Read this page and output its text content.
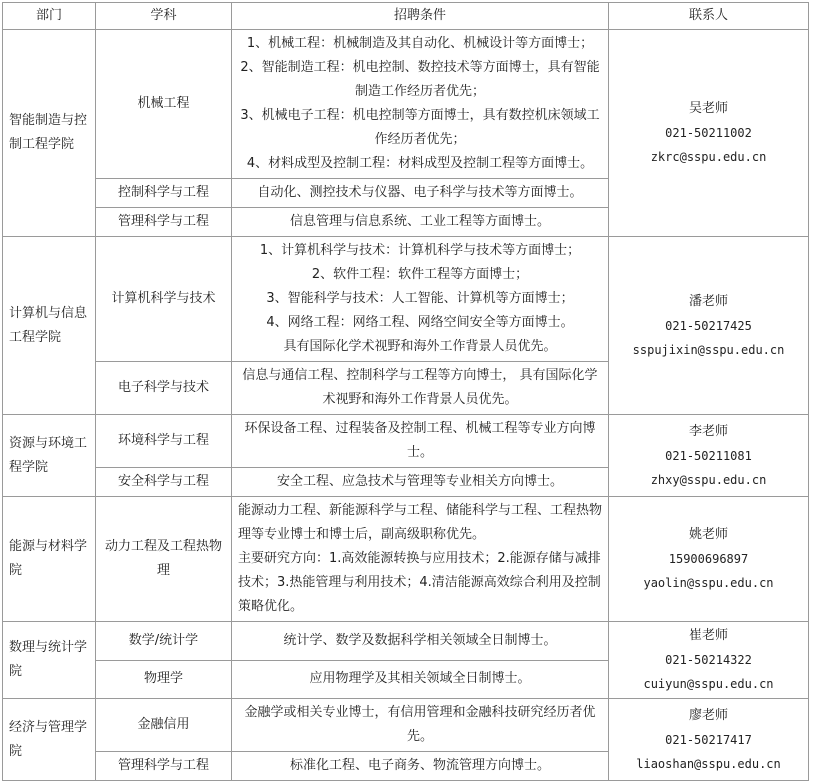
部门	学科	招聘条件	联系人
智能制造与控制工程学院	机械工程	1、机械工程：机械制造及其自动化、机械设计等方面博士；
2、智能制造工程：机电控制、数控技术等方面博士，具有智能制造工作经历者优先；
3、机械电子工程：机电控制等方面博士，具有数控机床领域工作经历者优先；
4、材料成型及控制工程：材料成型及控制工程等方面博士。	吴老师
021-50211002
zkrc@sspu.edu.cn

	控制科学与工程	自动化、测控技术与仪器、电子科学与技术等方面博士。	

	管理科学与工程	信息管理与信息系统、工业工程等方面博士。	

计算机与信息工程学院	计算机科学与技术	1、计算机科学与技术：计算机科学与技术等方面博士；
2、软件工程：软件工程等方面博士；
3、智能科学与技术：人工智能、计算机等方面博士；
4、网络工程：网络工程、网络空间安全等方面博士。
具有国际化学术视野和海外工作背景人员优先。	潘老师
021-50217425
sspujixin@sspu.edu.cn

	电子科学与技术	信息与通信工程、控制科学与工程等方向博士， 具有国际化学术视野和海外工作背景人员优先。	

资源与环境工程学院	环境科学与工程	环保设备工程、过程装备及控制工程、机械工程等专业方向博士。	李老师
021-50211081
zhxy@sspu.edu.cn

	安全科学与工程	安全工程、应急技术与管理等专业相关方向博士。	

能源与材料学院	动力工程及工程热物理	能源动力工程、新能源科学与工程、储能科学与工程、工程热物理等专业博士和博士后，副高级职称优先。
主要研究方向：1.高效能源转换与应用技术；2.能源存储与减排技术；3.热能管理与利用技术；4.清洁能源高效综合利用及控制策略优化。	姚老师
15900696897
yaolin@sspu.edu.cn

数理与统计学院	数学/统计学	统计学、数学及数据科学相关领域全日制博士。	崔老师
021-50214322
cuiyun@sspu.edu.cn

	物理学	应用物理学及其相关领域全日制博士。	

经济与管理学院	金融信用	金融学或相关专业博士，有信用管理和金融科技研究经历者优先。	廖老师
021-50217417
liaoshan@sspu.edu.cn

	管理科学与工程	标准化工程、电子商务、物流管理方向博士。	
